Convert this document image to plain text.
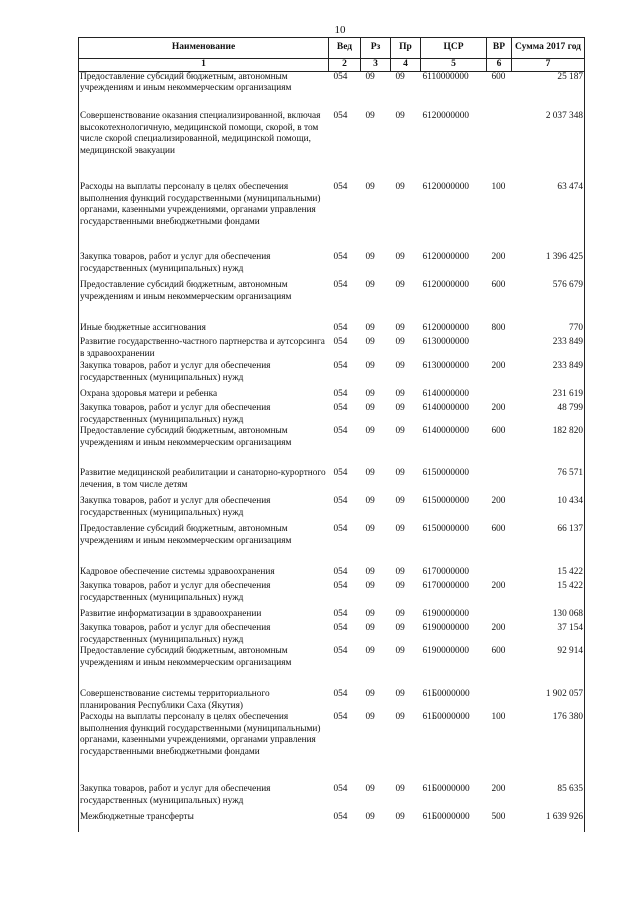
10
Наименование	Вед	Рз	Пр	ЦСР	ВР	Сумма 2017 год
1	2	3	4	5	6	7
Предоставление субсидий бюджетным, автономным учреждениям и иным некоммерческим организациям	054	09	09	6110000000	600	25 187
Совершенствование оказания специализированной, включая высокотехнологичную, медицинской помощи, скорой, в том числе скорой специализированной, медицинской помощи, медицинской эвакуации	054	09	09	6120000000		2 037 348
Расходы на выплаты персоналу в целях обеспечения выполнения функций государственными (муниципальными) органами, казенными учреждениями, органами управления государственными внебюджетными фондами	054	09	09	6120000000	100	63 474
Закупка товаров, работ и услуг для обеспечения государственных (муниципальных) нужд	054	09	09	6120000000	200	1 396 425
Предоставление субсидий бюджетным, автономным учреждениям и иным некоммерческим организациям	054	09	09	6120000000	600	576 679
Иные бюджетные ассигнования	054	09	09	6120000000	800	770
Развитие государственно-частного партнерства и аутсорсинга в здравоохранении	054	09	09	6130000000		233 849
Закупка товаров, работ и услуг для обеспечения государственных (муниципальных) нужд	054	09	09	6130000000	200	233 849
Охрана здоровья матери и ребенка	054	09	09	6140000000		231 619
Закупка товаров, работ и услуг для обеспечения государственных (муниципальных) нужд	054	09	09	6140000000	200	48 799
Предоставление субсидий бюджетным, автономным учреждениям и иным некоммерческим организациям	054	09	09	6140000000	600	182 820
Развитие медицинской реабилитации и санаторно-курортного лечения, в том числе детям	054	09	09	6150000000		76 571
Закупка товаров, работ и услуг для обеспечения государственных (муниципальных) нужд	054	09	09	6150000000	200	10 434
Предоставление субсидий бюджетным, автономным учреждениям и иным некоммерческим организациям	054	09	09	6150000000	600	66 137
Кадровое обеспечение системы здравоохранения	054	09	09	6170000000		15 422
Закупка товаров, работ и услуг для обеспечения государственных (муниципальных) нужд	054	09	09	6170000000	200	15 422
Развитие информатизации в здравоохранении	054	09	09	6190000000		130 068
Закупка товаров, работ и услуг для обеспечения государственных (муниципальных) нужд	054	09	09	6190000000	200	37 154
Предоставление субсидий бюджетным, автономным учреждениям и иным некоммерческим организациям	054	09	09	6190000000	600	92 914
Совершенствование системы территориального планирования Республики Саха (Якутия)	054	09	09	61Б0000000		1 902 057
Расходы на выплаты персоналу в целях обеспечения выполнения функций государственными (муниципальными) органами, казенными учреждениями, органами управления государственными внебюджетными фондами	054	09	09	61Б0000000	100	176 380
Закупка товаров, работ и услуг для обеспечения государственных (муниципальных) нужд	054	09	09	61Б0000000	200	85 635
Межбюджетные трансферты	054	09	09	61Б0000000	500	1 639 926
